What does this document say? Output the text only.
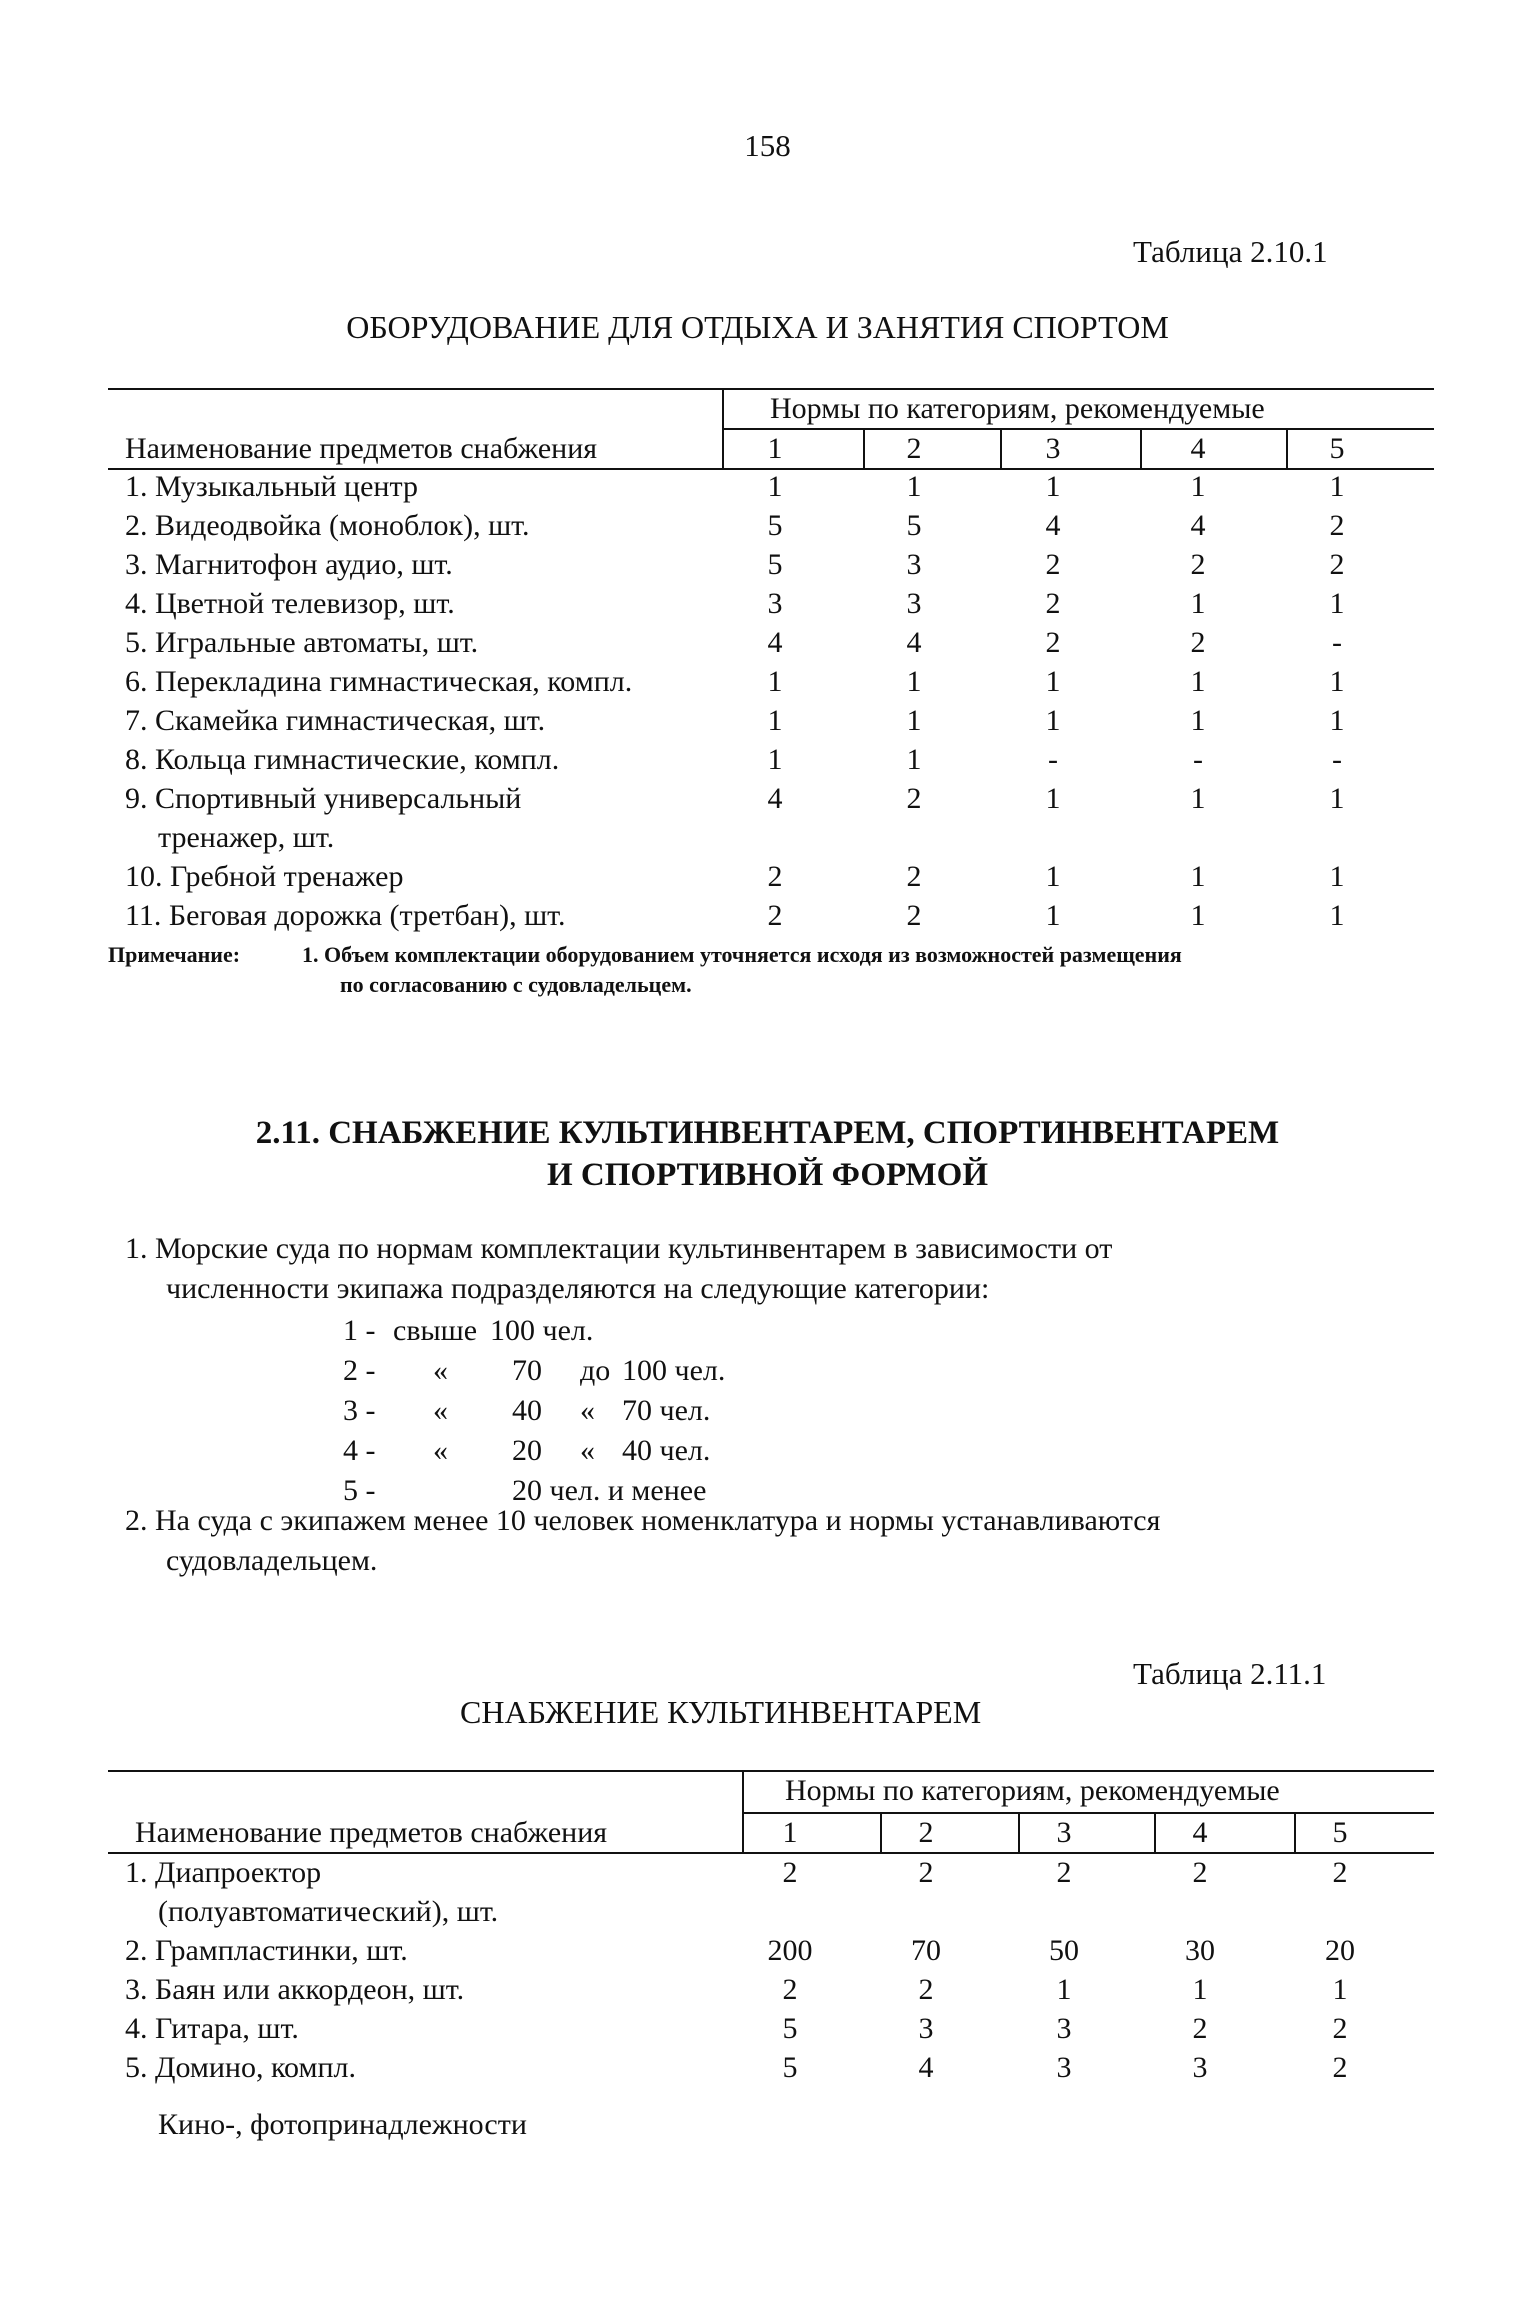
158
Таблица 2.10.1
ОБОРУДОВАНИЕ ДЛЯ ОТДЫХА И ЗАНЯТИЯ СПОРТОМ
Нормы по категориям, рекомендуемые
Наименование предметов снабжения	1	2	3	4	5
1. Музыкальный центр	1	1	1	1	1
2. Видеодвойка (моноблок), шт.	5	5	4	4	2
3. Магнитофон аудио, шт.	5	3	2	2	2
4. Цветной телевизор, шт.	3	3	2	1	1
5. Игральные автоматы, шт.	4	4	2	2	-
6. Перекладина гимнастическая, компл.	1	1	1	1	1
7. Скамейка гимнастическая, шт.	1	1	1	1	1
8. Кольца гимнастические, компл.	1	1	-	-	-
9. Спортивный универсальный
тренажер, шт.
4	2	1	1	1
10. Гребной тренажер	2	2	1	1	1
11. Беговая дорожка (третбан), шт.	2	2	1	1	1
Примечание:	1. Объем комплектации оборудованием уточняется исходя из возможностей размещения
по согласованию с судовладельцем.
2.11. СНАБЖЕНИЕ КУЛЬТИНВЕНТАРЕМ, СПОРТИНВЕНТАРЕМ
И СПОРТИВНОЙ ФОРМОЙ
1. Морские суда по нормам комплектации культинвентарем в зависимости от
численности экипажа подразделяются на следующие категории:
1 - свыше 100 чел.
2 - « 70 до 100 чел.
3 - « 40 « 70 чел.
4 - « 20 « 40 чел.
5 -	20 чел. и менее
2. На суда с экипажем менее 10 человек номенклатура и нормы устанавливаются
судовладельцем.
Таблица 2.11.1
СНАБЖЕНИЕ КУЛЬТИНВЕНТАРЕМ
Нормы по категориям, рекомендуемые
Наименование предметов снабжения	1	2	3	4	5
1. Диапроектор
(полуавтоматический), шт.
2	2	2	2	2
2. Грампластинки, шт.	200	70	50	30	20
3. Баян или аккордеон, шт.	2	2	1	1	1
4. Гитара, шт.	5	3	3	2	2
5. Домино, компл.	5	4	3	3	2
Кино-, фотопринадлежности
